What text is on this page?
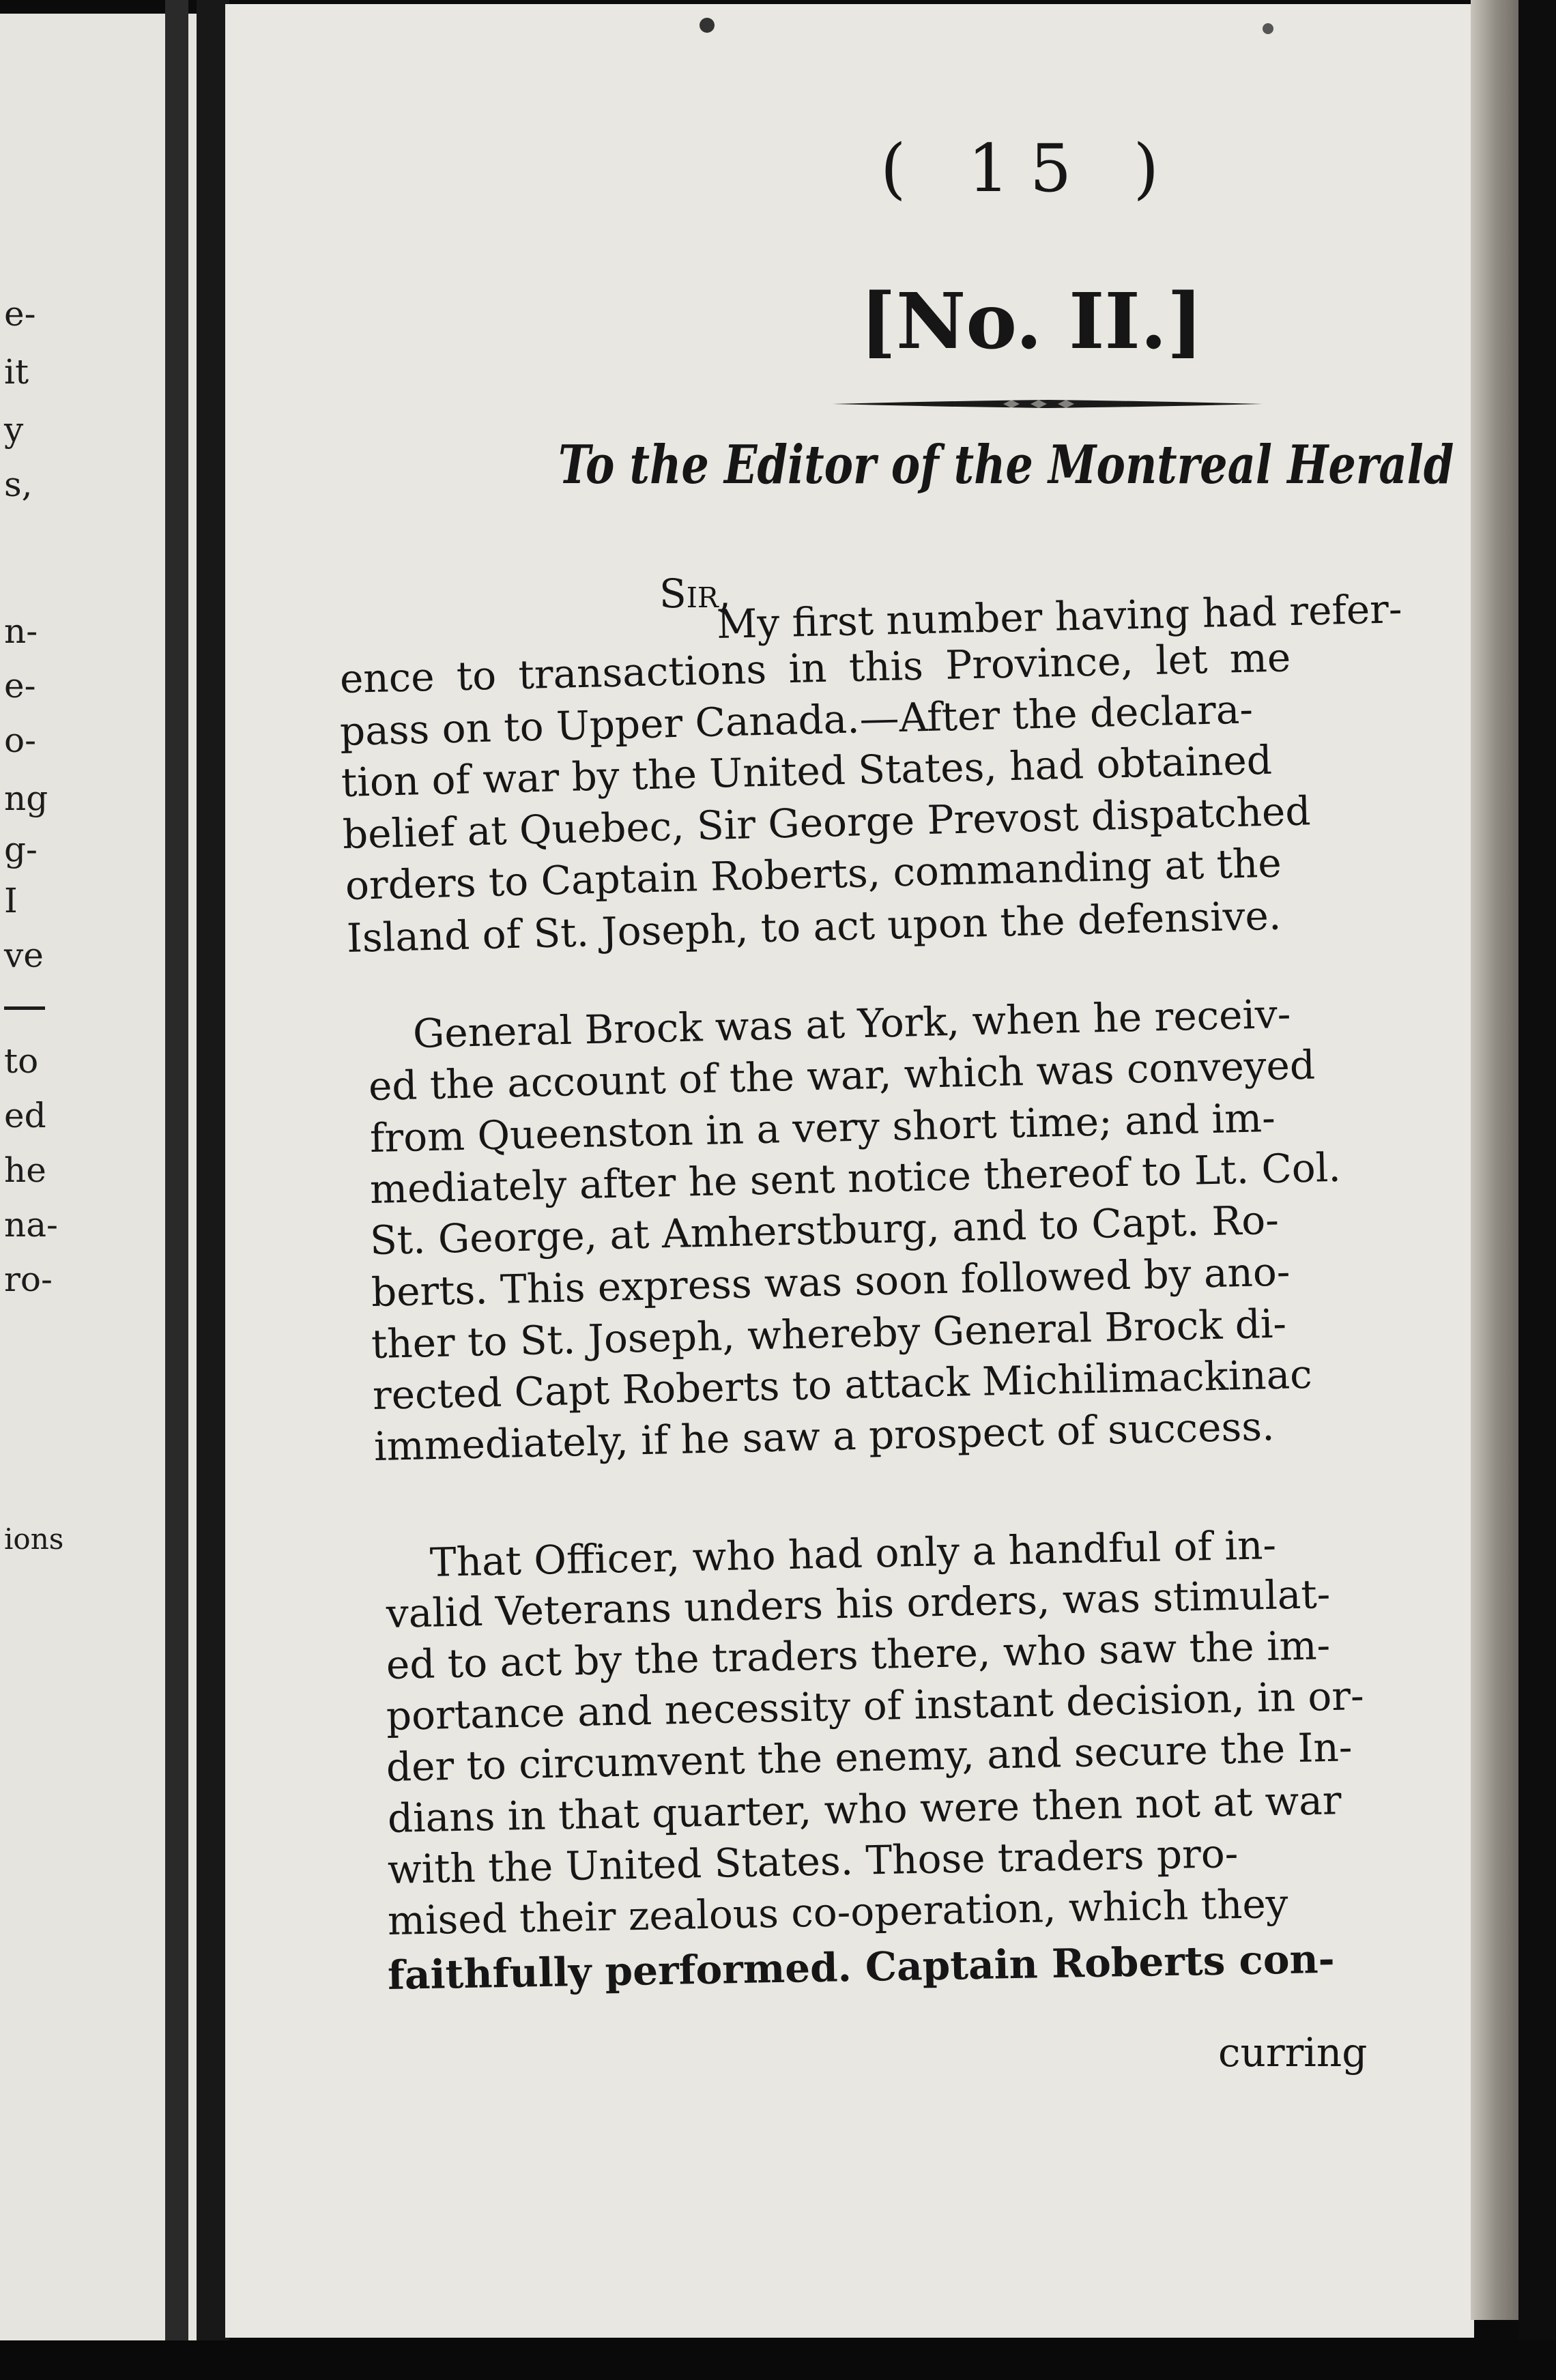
e-
it
y
s,
n-
e-
o-
ng
g-
I
ve
to
ed
he
na-
ro-
ions
( 15 )
[No. II.]
To the Editor of the Montreal Herald
Sir,
My first number having had refer-
ence to transactions in this Province, let me
pass on to Upper Canada.—After the declara-
tion of war by the United States, had obtained
belief at Quebec, Sir George Prevost dispatched
orders to Captain Roberts, commanding at the
Island of St. Joseph, to act upon the defensive.
General Brock was at York, when he receiv-
ed the account of the war, which was conveyed
from Queenston in a very short time; and im-
mediately after he sent notice thereof to Lt. Col.
St. George, at Amherstburg, and to Capt. Ro-
berts. This express was soon followed by ano-
ther to St. Joseph, whereby General Brock di-
rected Capt Roberts to attack Michilimackinac
immediately, if he saw a prospect of success.
That Officer, who had only a handful of in-
valid Veterans unders his orders, was stimulat-
ed to act by the traders there, who saw the im-
portance and necessity of instant decision, in or-
der to circumvent the enemy, and secure the In-
dians in that quarter, who were then not at war
with the United States. Those traders pro-
mised their zealous co-operation, which they
faithfully performed. Captain Roberts con-
curring
